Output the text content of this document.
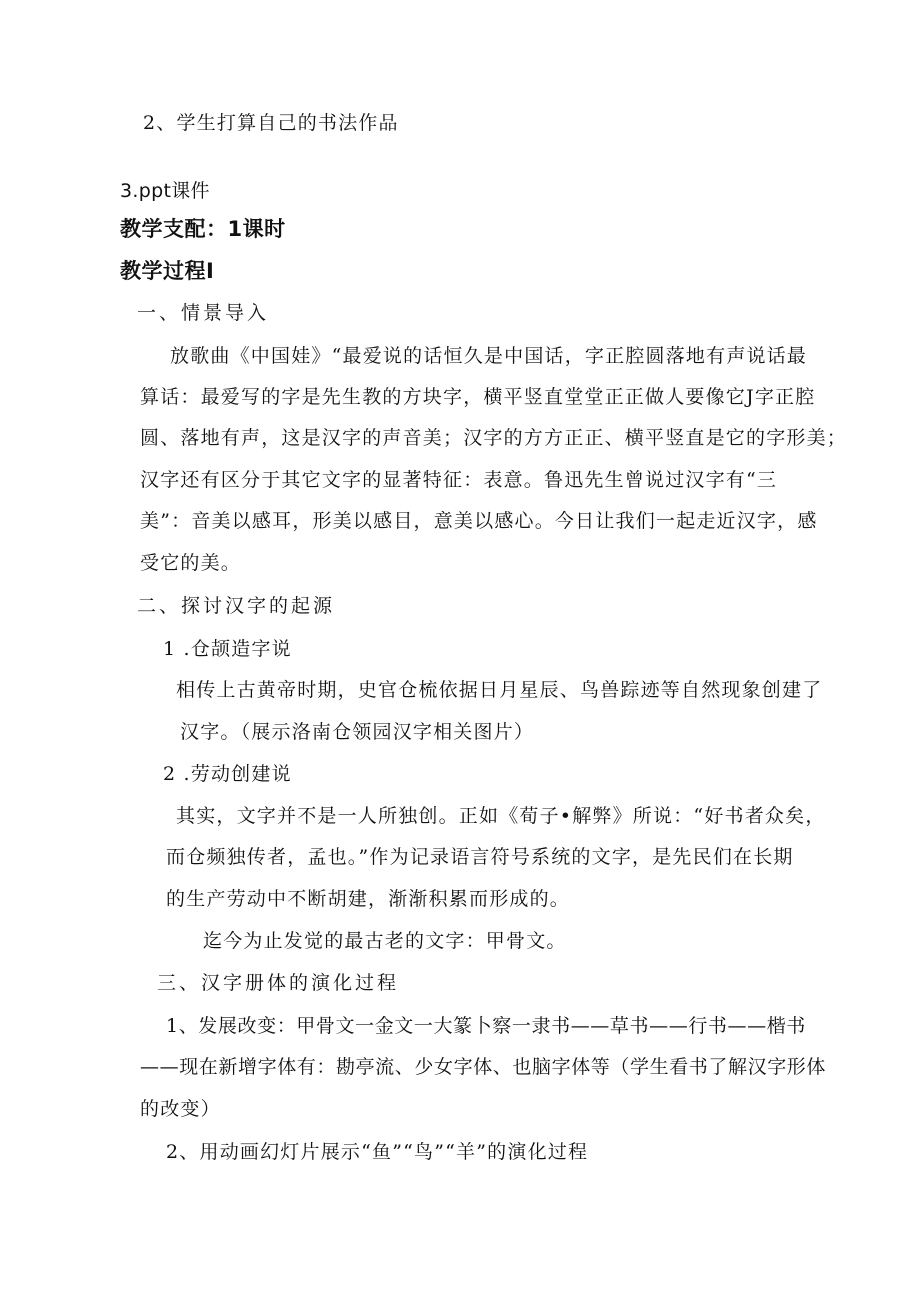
2、学生打算自己的书法作品
3.ppt课件
教学支配：1课时
教学过程I
一、情景导入
放歌曲《中国娃》“最爱说的话恒久是中国话，字正腔圆落地有声说话最
算话：最爱写的字是先生教的方块字，横平竖直堂堂正正做人要像它J字正腔
圆、落地有声，这是汉字的声音美；汉字的方方正正、横平竖直是它的字形美；
汉字还有区分于其它文字的显著特征：表意。鲁迅先生曾说过汉字有“三
美”：音美以感耳，形美以感目，意美以感心。今日让我们一起走近汉字，感
受它的美。
二、探讨汉字的起源
1 .仓颉造字说
相传上古黄帝时期，史官仓梳依据日月星辰、鸟兽踪迹等自然现象创建了
汉字。（展示洛南仓领园汉字相关图片）
2 .劳动创建说
其实，文字并不是一人所独创。正如《荀子•解弊》所说：“好书者众矣，
而仓频独传者，孟也。”作为记录语言符号系统的文字，是先民们在长期
的生产劳动中不断胡建，渐渐积累而形成的。
迄今为止发觉的最古老的文字：甲骨文。
三、汉字册体的演化过程
1、发展改变：甲骨文一金文一大篆卜察一隶书——草书——行书——楷书
——现在新增字体有：勘亭流、少女字体、也脑字体等（学生看书了解汉字形体
的改变）
2、用动画幻灯片展示“鱼”“鸟”“羊”的演化过程
